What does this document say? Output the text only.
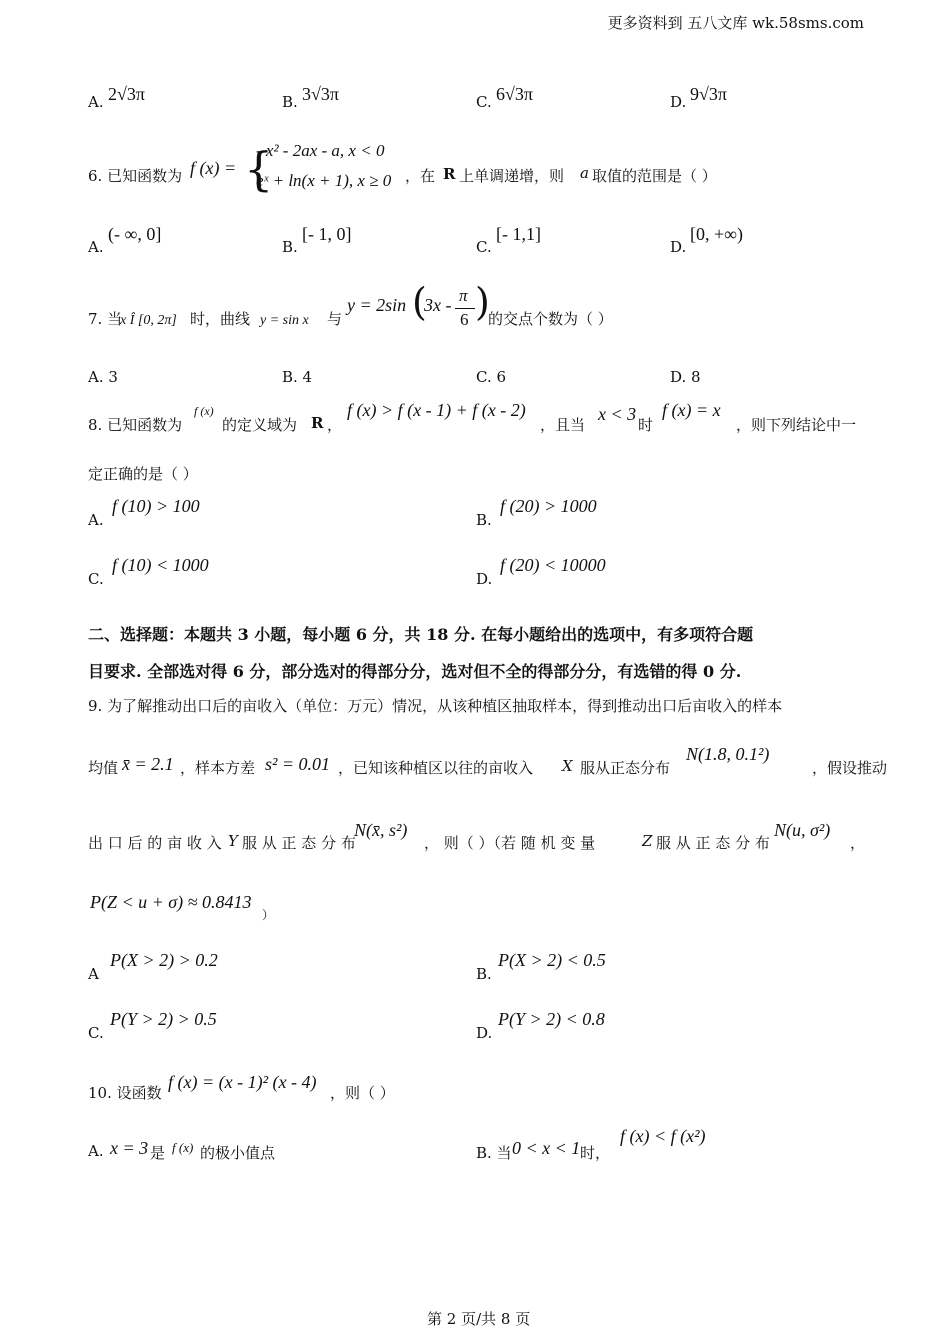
更多资料到 五八文库 wk.58sms.com
A. 2√3π	B. 3√3π	C. 6√3π	D. 9√3π
6. 已知函数为 f (x) = {
- x² - 2ax - a, x < 0
eˣ + ln(x + 1), x ≥ 0 ，在 R 上单调递增，则 a 取值的范围是（ ）
A.
(- ∞, 0]
B.
[- 1, 0]
C.
[- 1,1]
D.
[0, +∞)
7. 当
x Î [0, 2π] 时，曲线 y = sin x 与
y = 2sin (
3x - π
6 )
的交点个数为（ ）
A. 3	B. 4	C. 6	D. 8
8. 已知函数为
f (x)
的定义域为 R ，
f (x) > f (x - 1) + f (x - 2)
，且当
x < 3
时
f (x) = x
，则下列结论中一
定正确的是（ ）
A.
f (10) > 100
B.
f (20) > 1000
C.
f (10) < 1000
D.
f (20) < 10000
二、选择题：本题共 3 小题，每小题 6 分，共 18 分. 在每小题给出的选项中，有多项符合题
目要求. 全部选对得 6 分，部分选对的得部分分，选对但不全的得部分分，有选错的得 0 分.
9. 为了解推动出口后的亩收入（单位：万元）情况，从该种植区抽取样本，得到推动出口后亩收入的样本
均值 x̄ = 2.1 ，样本方差 s² = 0.01 ，已知该种植区以往的亩收入 X 服从正态分布
N(1.8, 0.1²)
，假设推动
出 口 后 的 亩 收 入 Y 服 从 正 态 分 布
N(x̄, s²)
， 则（ ）（若 随 机 变 量	Z 服 从 正 态 分 布
N(u, σ²)
，
P(Z < u + σ) ≈ 0.8413
）
A
P(X > 2) > 0.2
B.
P(X > 2) < 0.5
C.
P(Y > 2) > 0.5
D.
P(Y > 2) < 0.8
10. 设函数
f (x) = (x - 1)² (x - 4)
，则（ ）
A. x = 3 是 f (x) 的极小值点	B. 当 0 < x < 1 时，
f (x) < f (x²)
第 2 页/共 8 页
